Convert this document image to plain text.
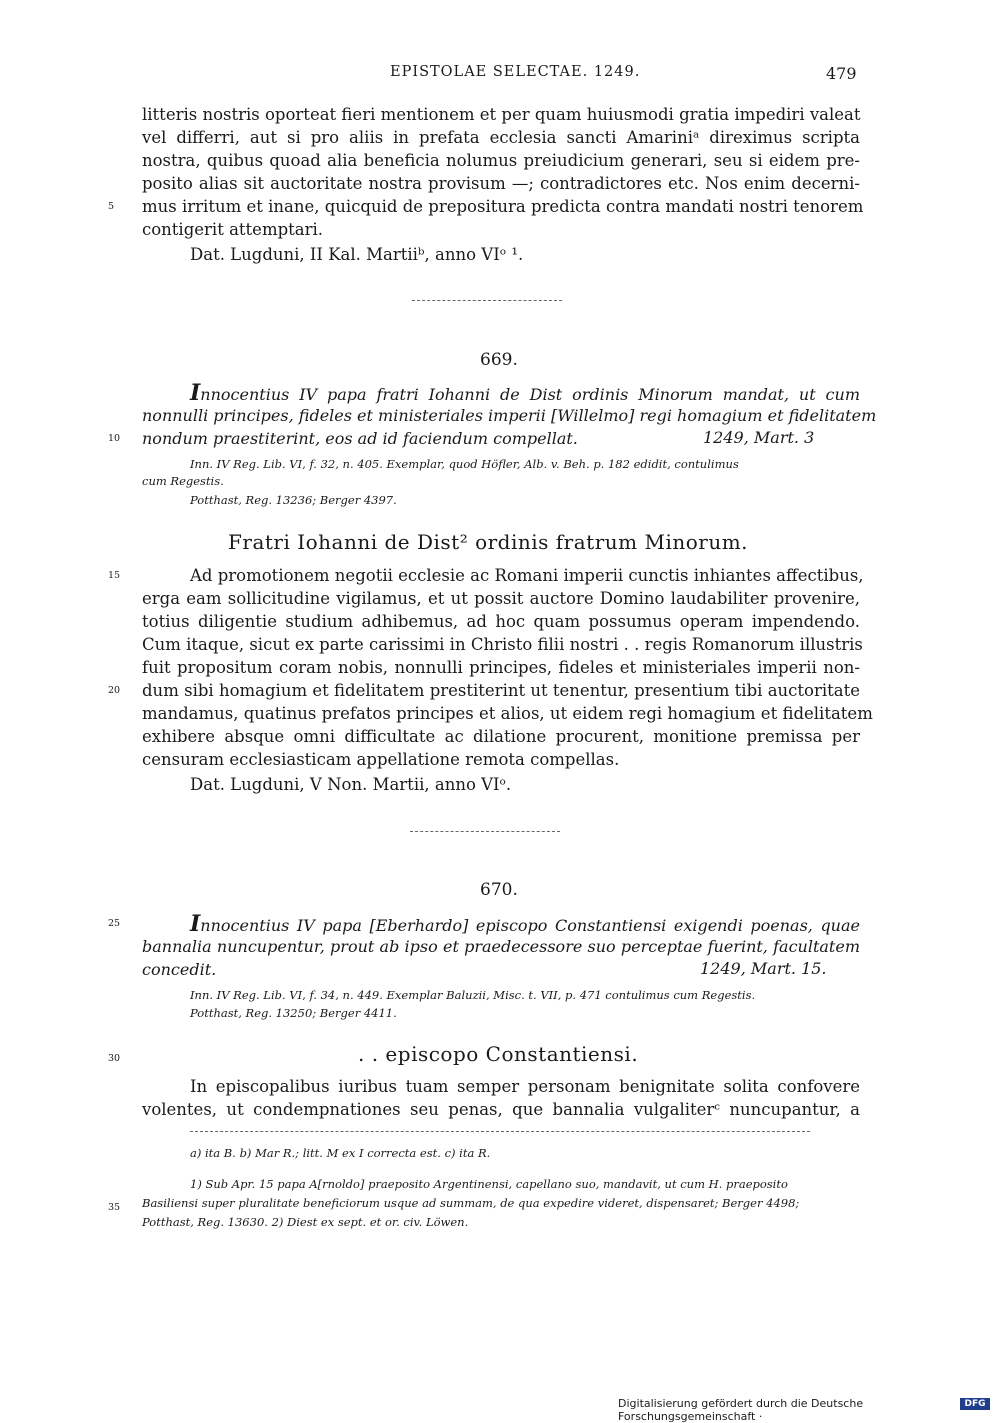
EPISTOLAE SELECTAE. 1249.	479
litteris nostris oporteat fieri mentionem et per quam huiusmodi gratia impediri valeat
vel differri, aut si pro aliis in prefata ecclesia sancti Amariniᵃ direximus scripta
nostra, quibus quoad alia beneficia nolumus preiudicium generari, seu si eidem pre-
posito alias sit auctoritate nostra provisum —; contradictores etc. Nos enim decerni-
mus irritum et inane, quicquid de prepositura predicta contra mandati nostri tenorem
contigerit attemptari.
Dat. Lugduni, II Kal. Martiiᵇ, anno VIᵒ ¹.
669.
Innocentius IV papa fratri Iohanni de Dist ordinis Minorum mandat, ut cum
nonnulli principes, fideles et ministeriales imperii [Willelmo] regi homagium et fidelitatem
nondum praestiterint, eos ad id faciendum compellat.	1249, Mart. 3
Inn. IV Reg. Lib. VI, f. 32, n. 405. Exemplar, quod Höfler, Alb. v. Beh. p. 182 edidit, contulimus
cum Regestis.
Potthast, Reg. 13236; Berger 4397.
Fratri Iohanni de Dist² ordinis fratrum Minorum.
Ad promotionem negotii ecclesie ac Romani imperii cunctis inhiantes affectibus,
erga eam sollicitudine vigilamus, et ut possit auctore Domino laudabiliter provenire,
totius diligentie studium adhibemus, ad hoc quam possumus operam impendendo.
Cum itaque, sicut ex parte carissimi in Christo filii nostri . . regis Romanorum illustris
fuit propositum coram nobis, nonnulli principes, fideles et ministeriales imperii non-
dum sibi homagium et fidelitatem prestiterint ut tenentur, presentium tibi auctoritate
mandamus, quatinus prefatos principes et alios, ut eidem regi homagium et fidelitatem
exhibere absque omni difficultate ac dilatione procurent, monitione premissa per
censuram ecclesiasticam appellatione remota compellas.
Dat. Lugduni, V Non. Martii, anno VIᵒ.
670.
Innocentius IV papa [Eberhardo] episcopo Constantiensi exigendi poenas, quae
bannalia nuncupentur, prout ab ipso et praedecessore suo perceptae fuerint, facultatem
concedit.	1249, Mart. 15.
Inn. IV Reg. Lib. VI, f. 34, n. 449. Exemplar Baluzii, Misc. t. VII, p. 471 contulimus cum Regestis.
Potthast, Reg. 13250; Berger 4411.
. . episcopo Constantiensi.
In episcopalibus iuribus tuam semper personam benignitate solita confovere
volentes, ut condempnationes seu penas, que bannalia vulgaliterᶜ nuncupantur, a
5
10
15
20
25
30
35
a) ita B. b) Mar R.; litt. M ex I correcta est. c) ita R.
1) Sub Apr. 15 papa A[rnoldo] praeposito Argentinensi, capellano suo, mandavit, ut cum H. praeposito
Basiliensi super pluralitate beneficiorum usque ad summam, de qua expedire videret, dispensaret; Berger 4498;
Potthast, Reg. 13630. 2) Diest ex sept. et or. civ. Löwen.
Digitalisierung gefördert durch die Deutsche Forschungsgemeinschaft ·
DFG
